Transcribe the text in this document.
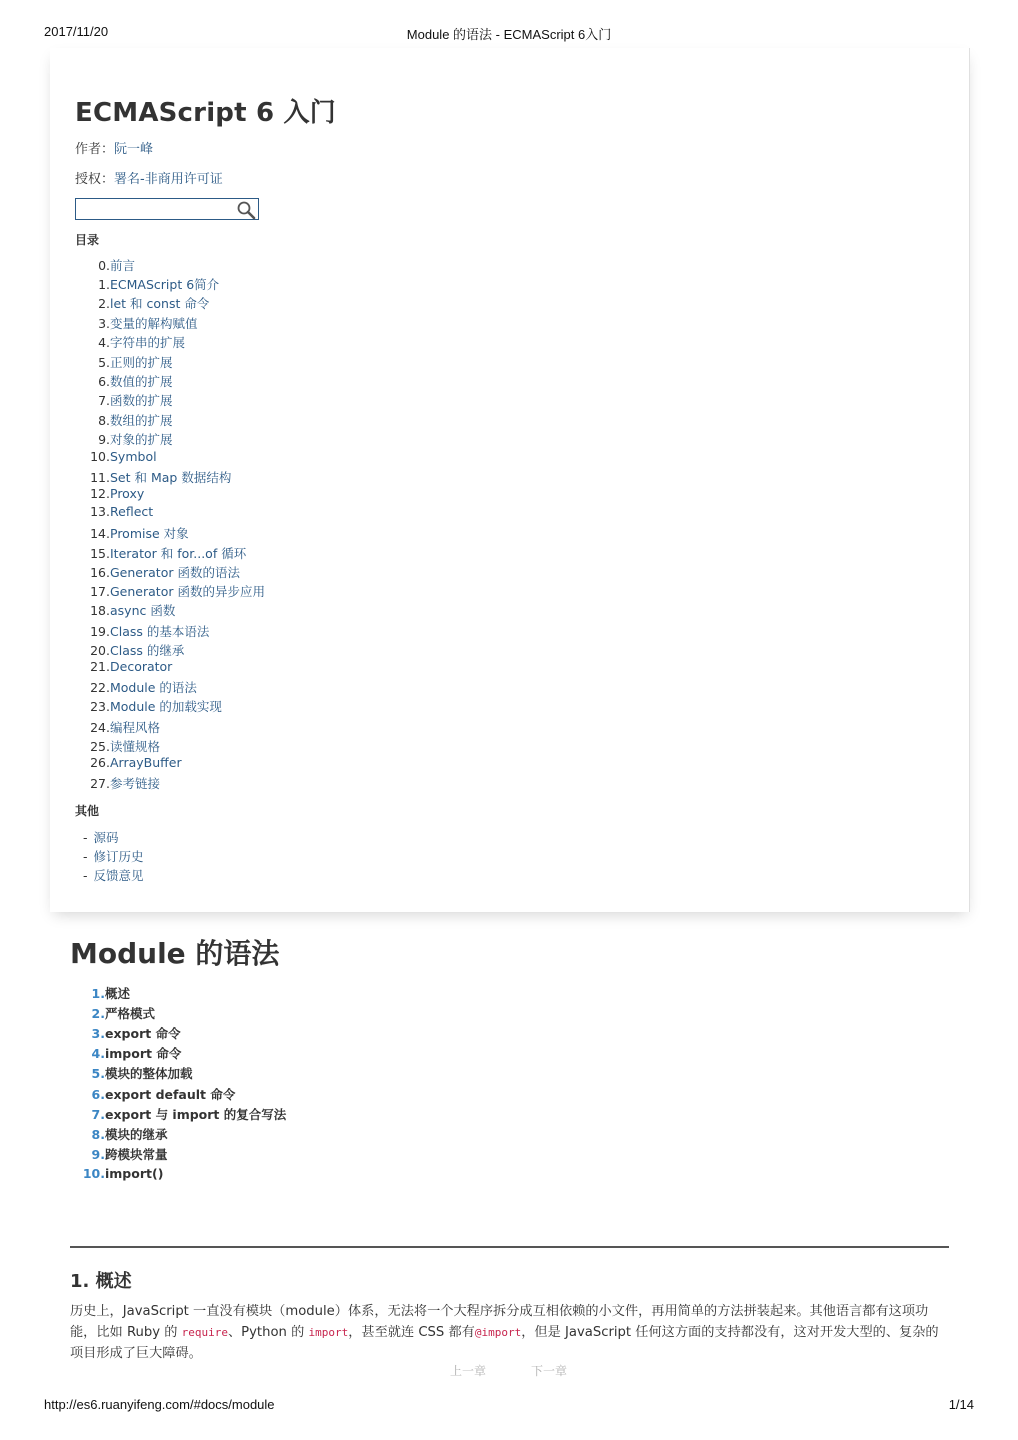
2017/11/20	Module 的语法 - ECMAScript 6入门
ECMAScript 6 入门
作者：阮一峰
授权：署名-非商用许可证
目录
0.前言
1.ECMAScript 6简介
2.let 和 const 命令
3.变量的解构赋值
4.字符串的扩展
5.正则的扩展
6.数值的扩展
7.函数的扩展
8.数组的扩展
9.对象的扩展
10.Symbol
11.Set 和 Map 数据结构
12.Proxy
13.Reflect
14.Promise 对象
15.Iterator 和 for...of 循环
16.Generator 函数的语法
17.Generator 函数的异步应用
18.async 函数
19.Class 的基本语法
20.Class 的继承
21.Decorator
22.Module 的语法
23.Module 的加载实现
24.编程风格
25.读懂规格
26.ArrayBuffer
27.参考链接
其他
- 源码
- 修订历史
- 反馈意见
Module 的语法
1.概述
2.严格模式
3.export 命令
4.import 命令
5.模块的整体加载
6.export default 命令
7.export 与 import 的复合写法
8.模块的继承
9.跨模块常量
10.import()
1. 概述
历史上，JavaScript 一直没有模块（module）体系，无法将一个大程序拆分成互相依赖的小文件，再用简单的方法拼装起来。其他语言都有这项功能，比如 Ruby 的 require、Python 的 import，甚至就连 CSS 都有@import，但是 JavaScript 任何这方面的支持都没有，这对开发大型的、复杂的项目形成了巨大障碍。
上一章	下一章
http://es6.ruanyifeng.com/#docs/module	1/14
